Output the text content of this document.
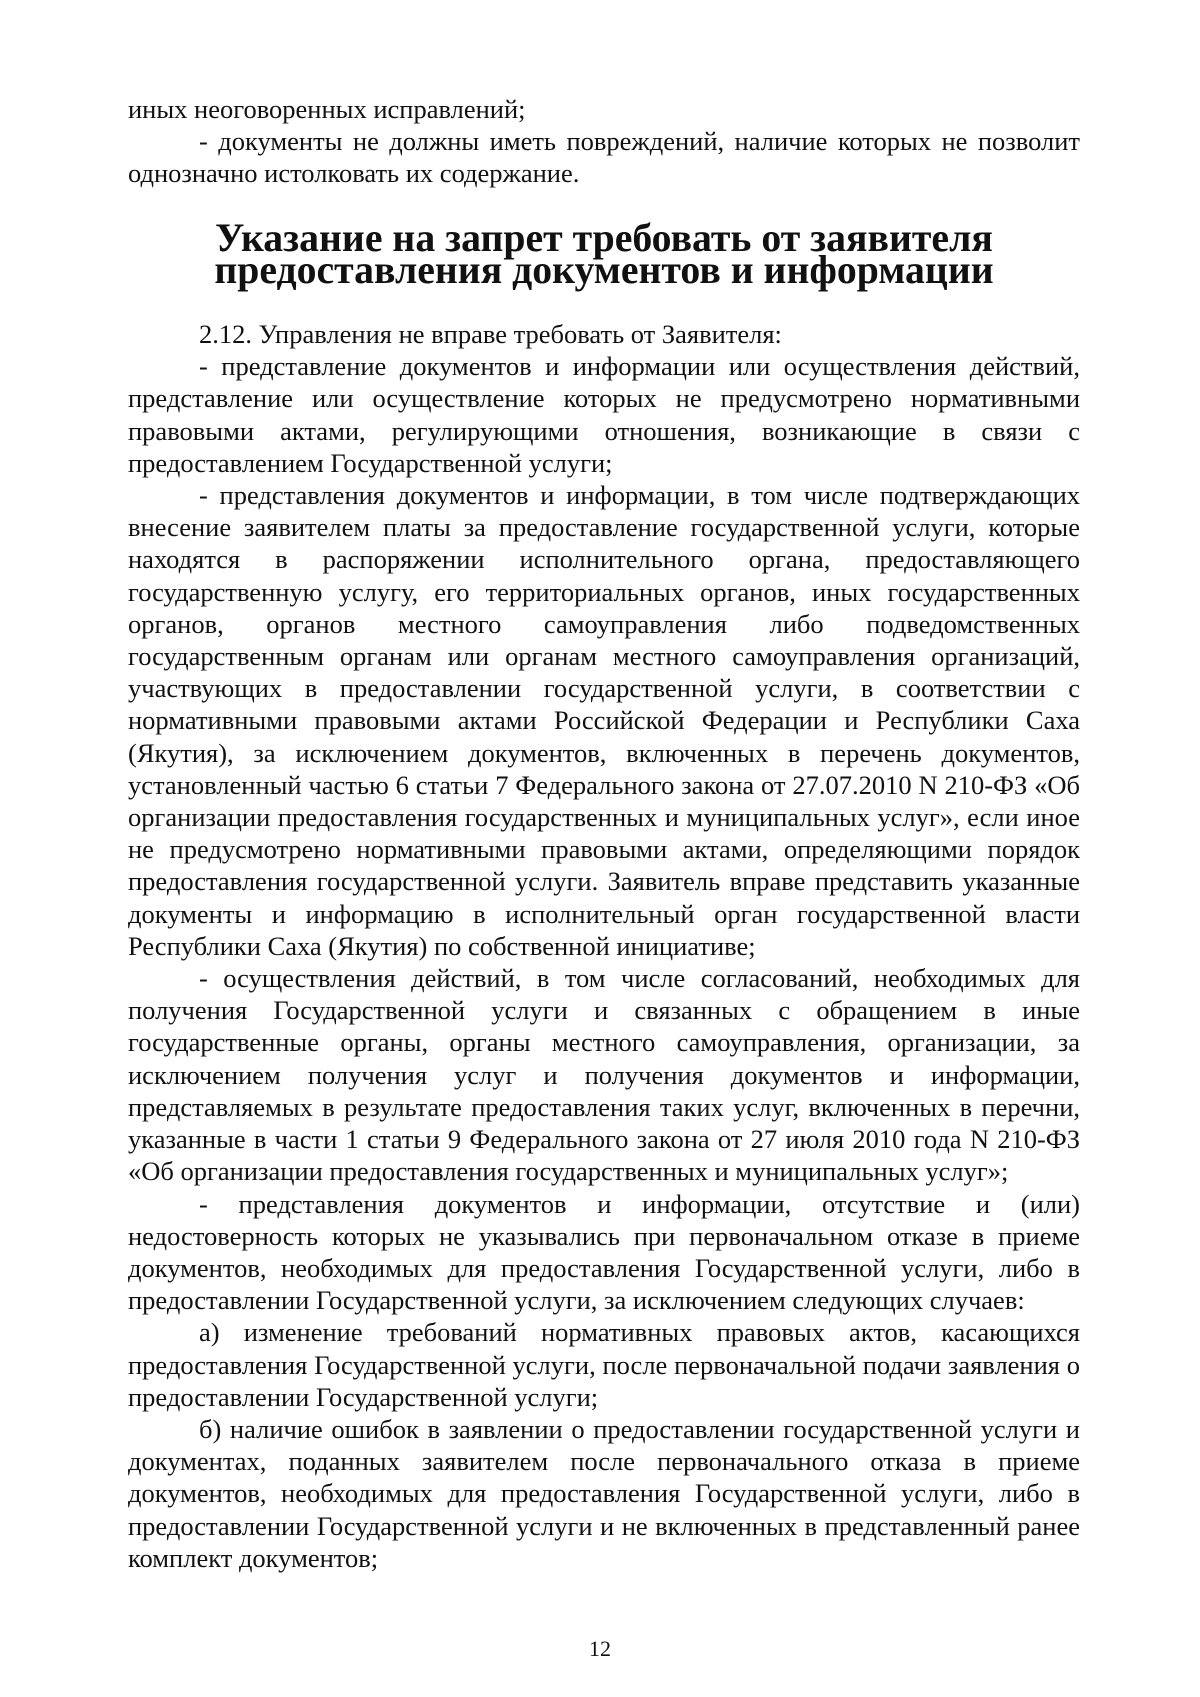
иных неоговоренных исправлений;

- документы не должны иметь повреждений, наличие которых не позволит однозначно истолковать их содержание.

Указание на запрет требовать от заявителя
предоставления документов и информации

2.12. Управления не вправе требовать от Заявителя:

- представление документов и информации или осуществления действий, представление или осуществление которых не предусмотрено нормативными правовыми актами, регулирующими отношения, возникающие в связи с предоставлением Государственной услуги;

- представления документов и информации, в том числе подтверждающих внесение заявителем платы за предоставление государственной услуги, которые находятся в распоряжении исполнительного органа, предоставляющего государственную услугу, его территориальных органов, иных государственных органов, органов местного самоуправления либо подведомственных государственным органам или органам местного самоуправления организаций, участвующих в предоставлении государственной услуги, в соответствии с нормативными правовыми актами Российской Федерации и Республики Саха (Якутия), за исключением документов, включенных в перечень документов, установленный частью 6 статьи 7 Федерального закона от 27.07.2010 N 210-ФЗ «Об организации предоставления государственных и муниципальных услуг», если иное не предусмотрено нормативными правовыми актами, определяющими порядок предоставления государственной услуги. Заявитель вправе представить указанные документы и информацию в исполнительный орган государственной власти Республики Саха (Якутия) по собственной инициативе;

- осуществления действий, в том числе согласований, необходимых для получения Государственной услуги и связанных с обращением в иные государственные органы, органы местного самоуправления, организации, за исключением получения услуг и получения документов и информации, представляемых в результате предоставления таких услуг, включенных в перечни, указанные в части 1 статьи 9 Федерального закона от 27 июля 2010 года N 210-ФЗ «Об организации предоставления государственных и муниципальных услуг»;

- представления документов и информации, отсутствие и (или) недостоверность которых не указывались при первоначальном отказе в приеме документов, необходимых для предоставления Государственной услуги, либо в предоставлении Государственной услуги, за исключением следующих случаев:

а) изменение требований нормативных правовых актов, касающихся предоставления Государственной услуги, после первоначальной подачи заявления о предоставлении Государственной услуги;

б) наличие ошибок в заявлении о предоставлении государственной услуги и документах, поданных заявителем после первоначального отказа в приеме документов, необходимых для предоставления Государственной услуги, либо в предоставлении Государственной услуги и не включенных в представленный ранее комплект документов;

12
